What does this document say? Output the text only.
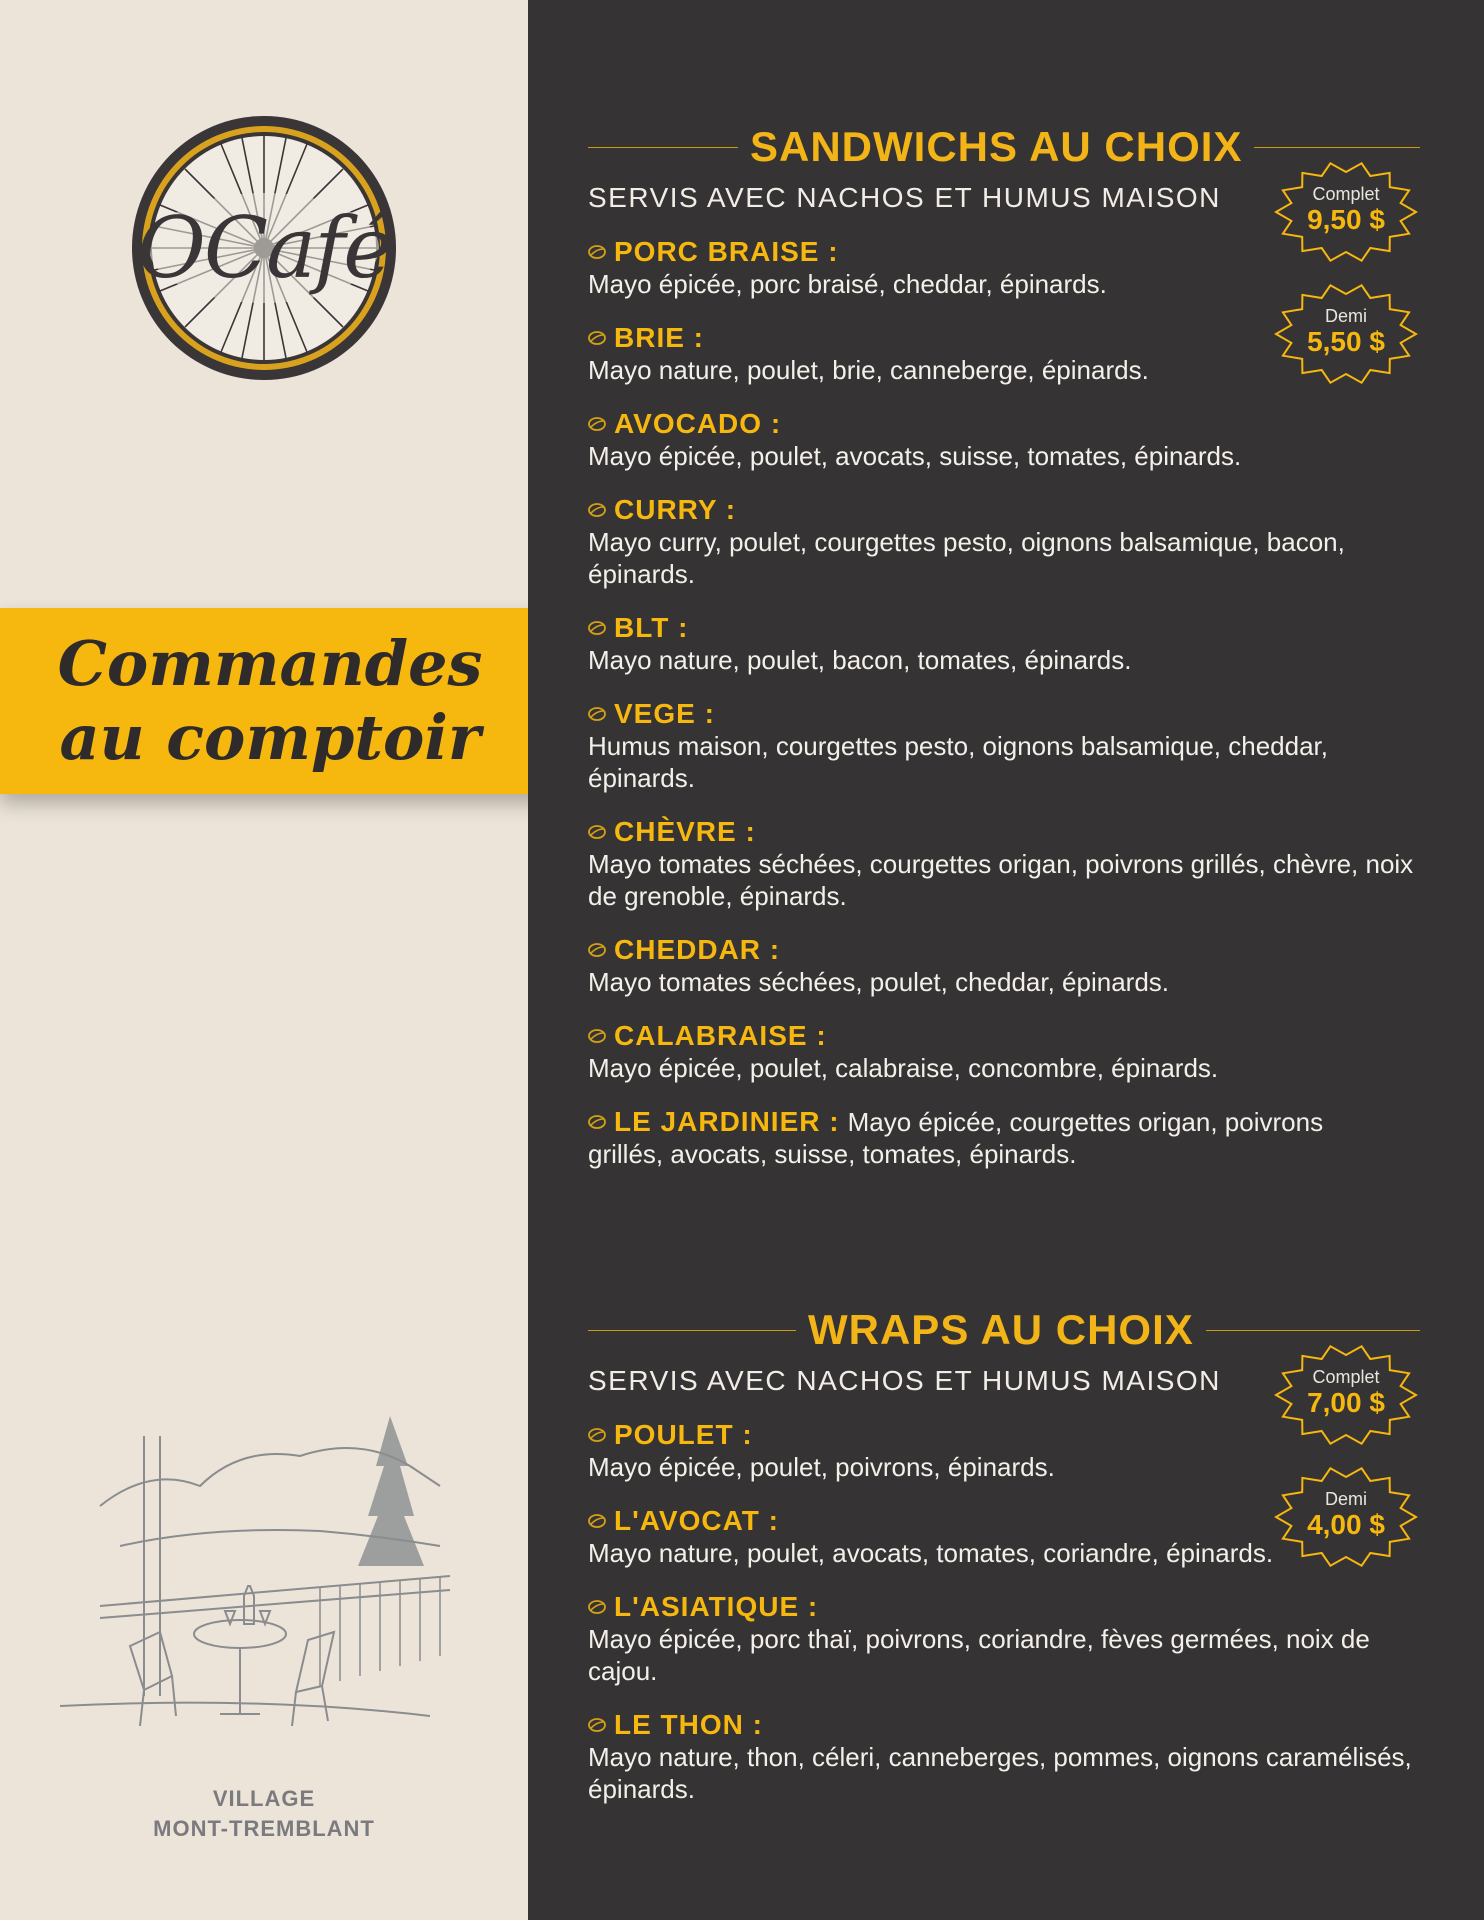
OCafé
Commandes
au comptoir
VILLAGE
MONT-TREMBLANT
SANDWICHS AU CHOIX
SERVIS AVEC NACHOS ET HUMUS MAISON
PORC BRAISE :
Mayo épicée, porc braisé, cheddar, épinards.
BRIE :
Mayo nature, poulet, brie, canneberge, épinards.
AVOCADO :
Mayo épicée, poulet, avocats, suisse, tomates, épinards.
CURRY :
Mayo curry, poulet, courgettes pesto, oignons balsamique, bacon, épinards.
BLT :
Mayo nature, poulet, bacon, tomates, épinards.
VEGE :
Humus maison, courgettes pesto, oignons balsamique, cheddar, épinards.
CHÈVRE :
Mayo tomates séchées, courgettes origan, poivrons grillés, chèvre, noix de grenoble, épinards.
CHEDDAR :
Mayo tomates séchées, poulet, cheddar, épinards.
CALABRAISE :
Mayo épicée, poulet, calabraise, concombre, épinards.
LE JARDINIER : Mayo épicée, courgettes origan, poivrons
grillés, avocats, suisse, tomates, épinards.
Complet
9,50 $
Demi
5,50 $
WRAPS AU CHOIX
SERVIS AVEC NACHOS ET HUMUS MAISON
POULET :
Mayo épicée, poulet, poivrons, épinards.
L'AVOCAT :
Mayo nature, poulet, avocats, tomates, coriandre, épinards.
L'ASIATIQUE :
Mayo épicée, porc thaï, poivrons, coriandre, fèves germées, noix de cajou.
LE THON :
Mayo nature, thon, céleri, canneberges, pommes, oignons caramélisés, épinards.
Complet
7,00 $
Demi
4,00 $
